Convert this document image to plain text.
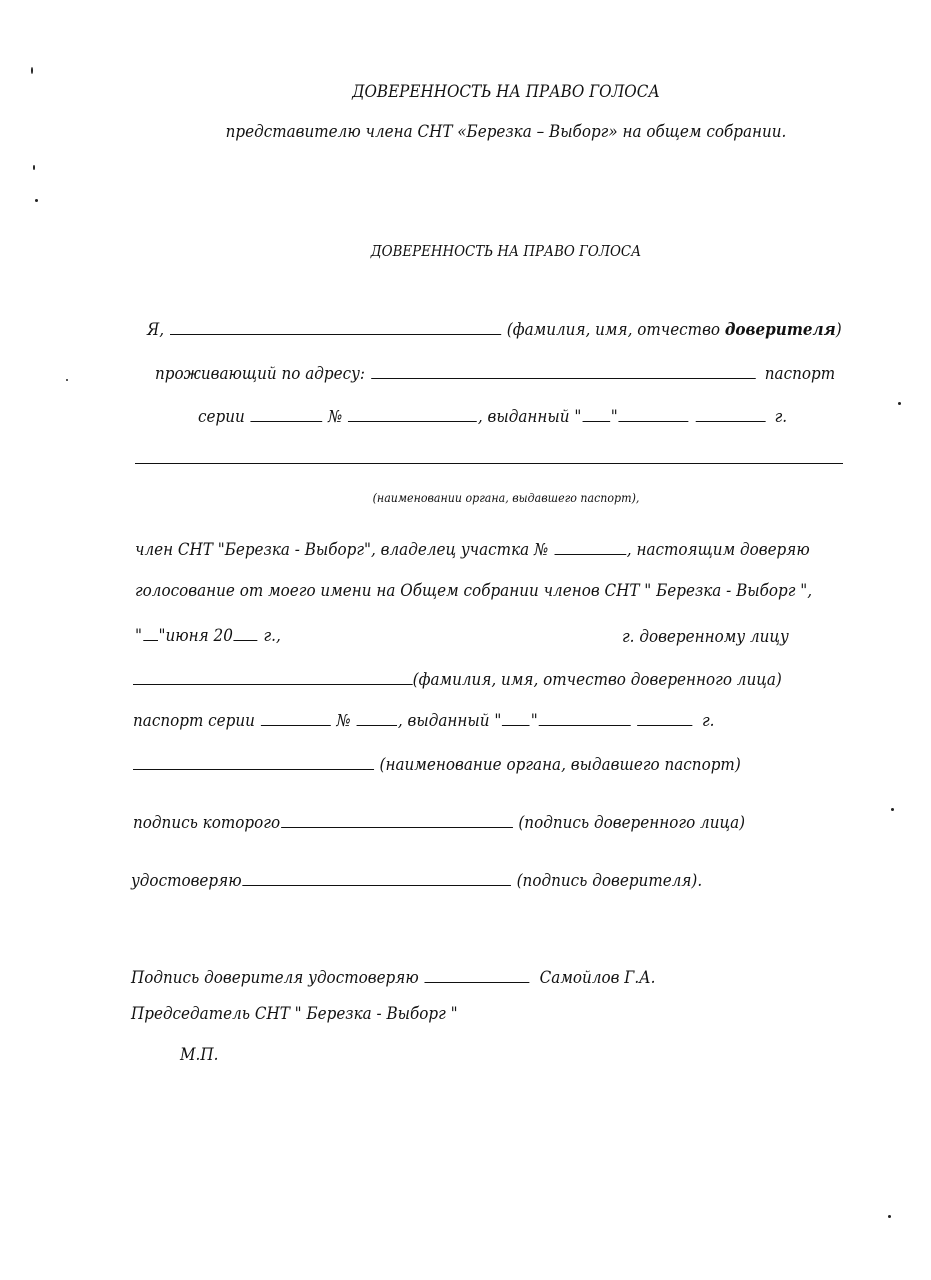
ДОВЕРЕННОСТЬ НА ПРАВО ГОЛОСА
представителю члена СНТ «Березка – Выборг» на общем собрании.
ДОВЕРЕННОСТЬ НА ПРАВО ГОЛОСА
Я,	(фамилия, имя, отчество доверителя)
проживающий по адресу:	паспорт
серии	№	, выданный " "	г.
(наименовании органа, выдавшего паспорт),
член СНТ "Березка - Выборг", владелец участка №	, настоящим доверяю
голосование от моего имени на Общем собрании членов СНТ " Березка - Выборг ",
" "июня 20 г.,	г. доверенному лицу
(фамилия, имя, отчество доверенного лица)
паспорт серии	№	, выданный " "	г.
(наименование органа, выдавшего паспорт)
подпись которого	(подпись доверенного лица)
удостоверяю	(подпись доверителя).
Подпись доверителя удостоверяю	Самойлов Г.А.
Председатель СНТ " Березка - Выборг "
М.П.
